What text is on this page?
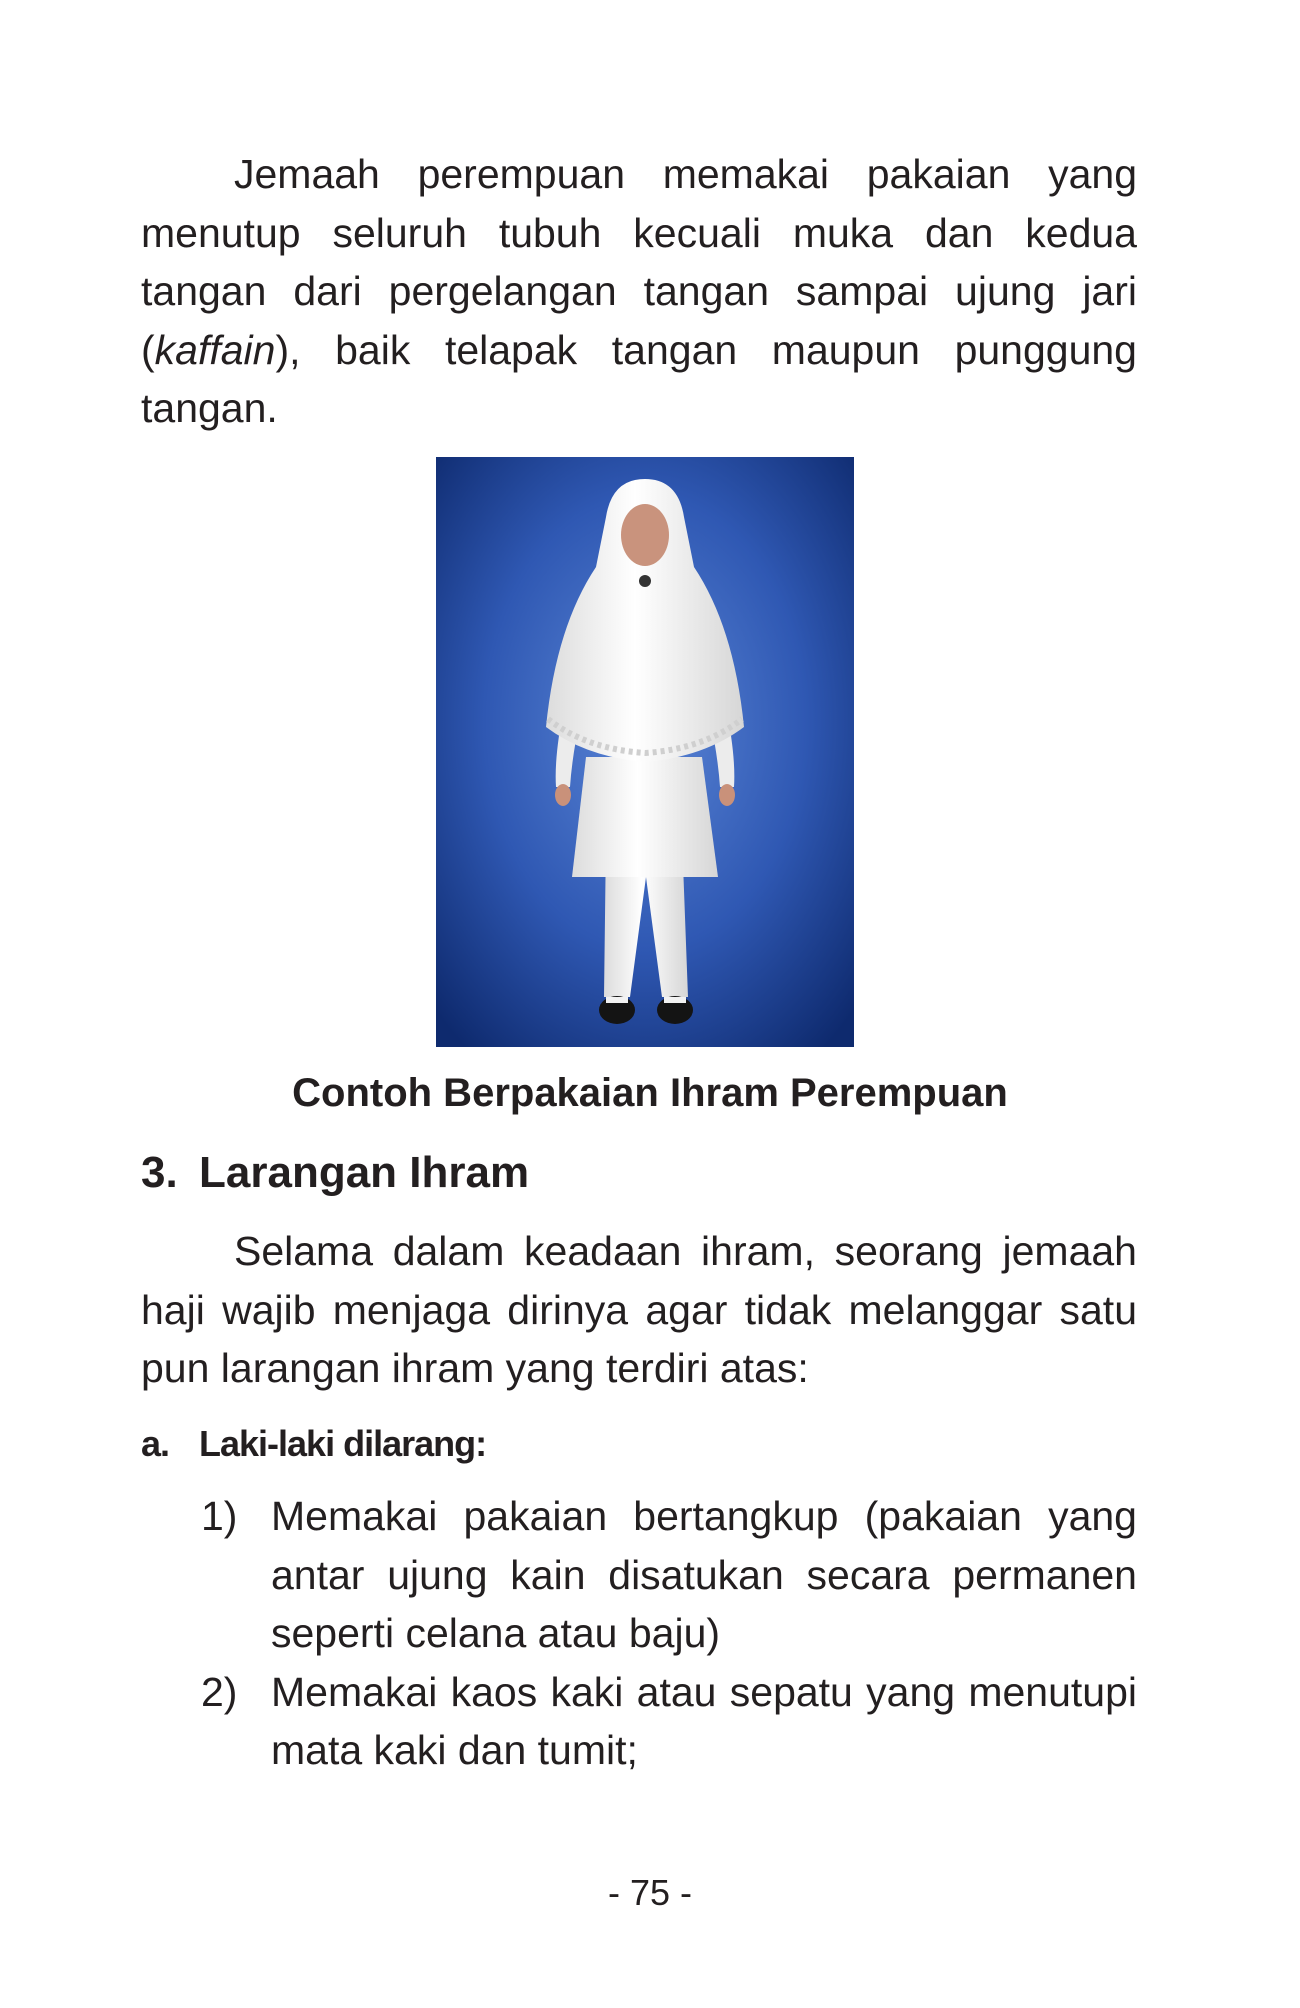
Jemaah perempuan memakai pakaian yang menutup seluruh tubuh kecuali muka dan kedua tangan dari pergelangan tangan sampai ujung jari (kaffain), baik telapak tangan maupun punggung tangan.

Contoh Berpakaian Ihram Perempuan

3. Larangan Ihram

Selama dalam keadaan ihram, seorang jemaah haji wajib menjaga dirinya agar tidak melanggar satu pun larangan ihram yang terdiri atas:

a. Laki-laki dilarang:
1) Memakai pakaian bertangkup (pakaian yang antar ujung kain disatukan secara permanen seperti celana atau baju)
2) Memakai kaos kaki atau sepatu yang menutupi mata kaki dan tumit;
- 75 -
